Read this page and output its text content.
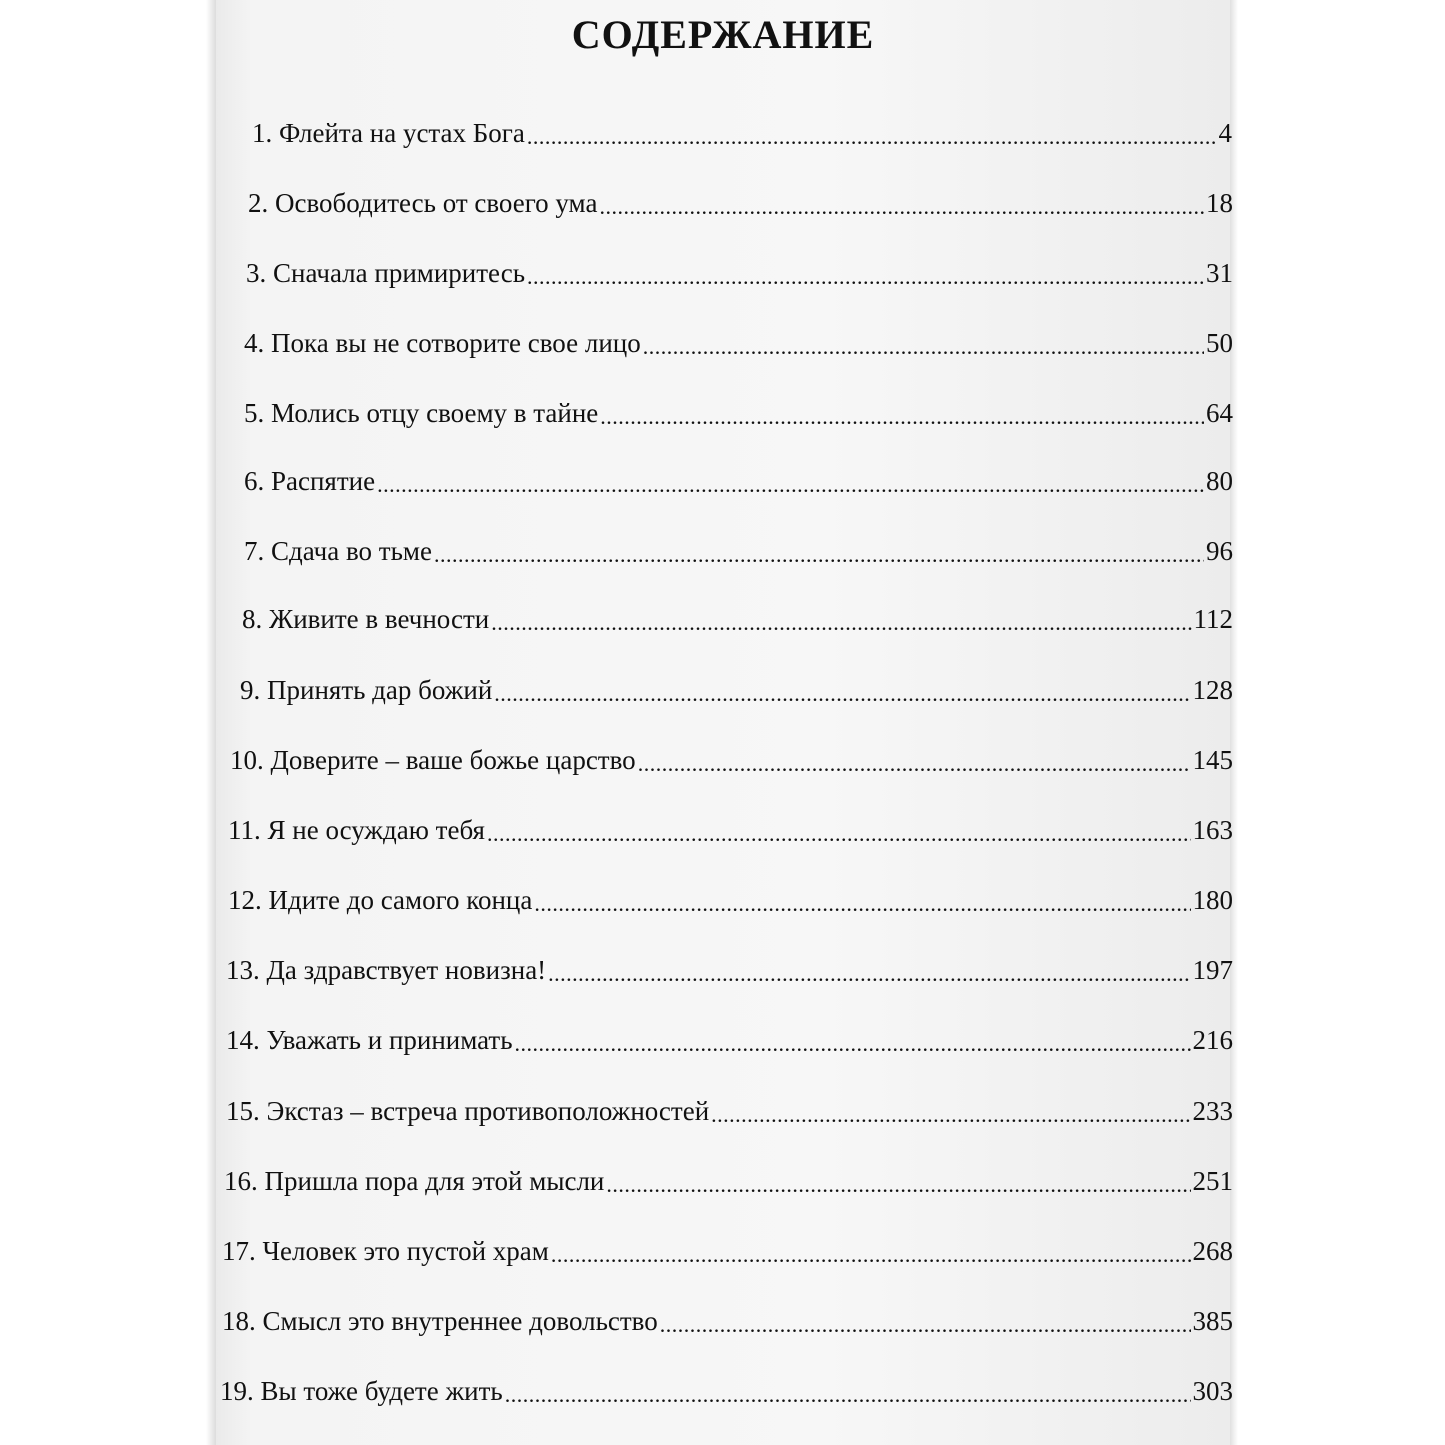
СОДЕРЖАНИЕ
1. Флейта на устах Бога .....	4
2. Освободитесь от своего ума .....	18
3. Сначала примиритесь .....	31
4. Пока вы не сотворите свое лицо .....	50
5. Молись отцу своему в тайне .....	64
6. Распятие .....	80
7. Сдача во тьме .....	96
8. Живите в вечности .....	112
9. Принять дар божий .....	128
10. Доверите – ваше божье царство .....	145
11. Я не осуждаю тебя .....	163
12. Идите до самого конца .....	180
13. Да здравствует новизна! .....	197
14. Уважать и принимать .....	216
15. Экстаз – встреча противоположностей .....	233
16. Пришла пора для этой мысли .....	251
17. Человек это пустой храм .....	268
18. Смысл это внутреннее довольство .....	385
19. Вы тоже будете жить .....	303
